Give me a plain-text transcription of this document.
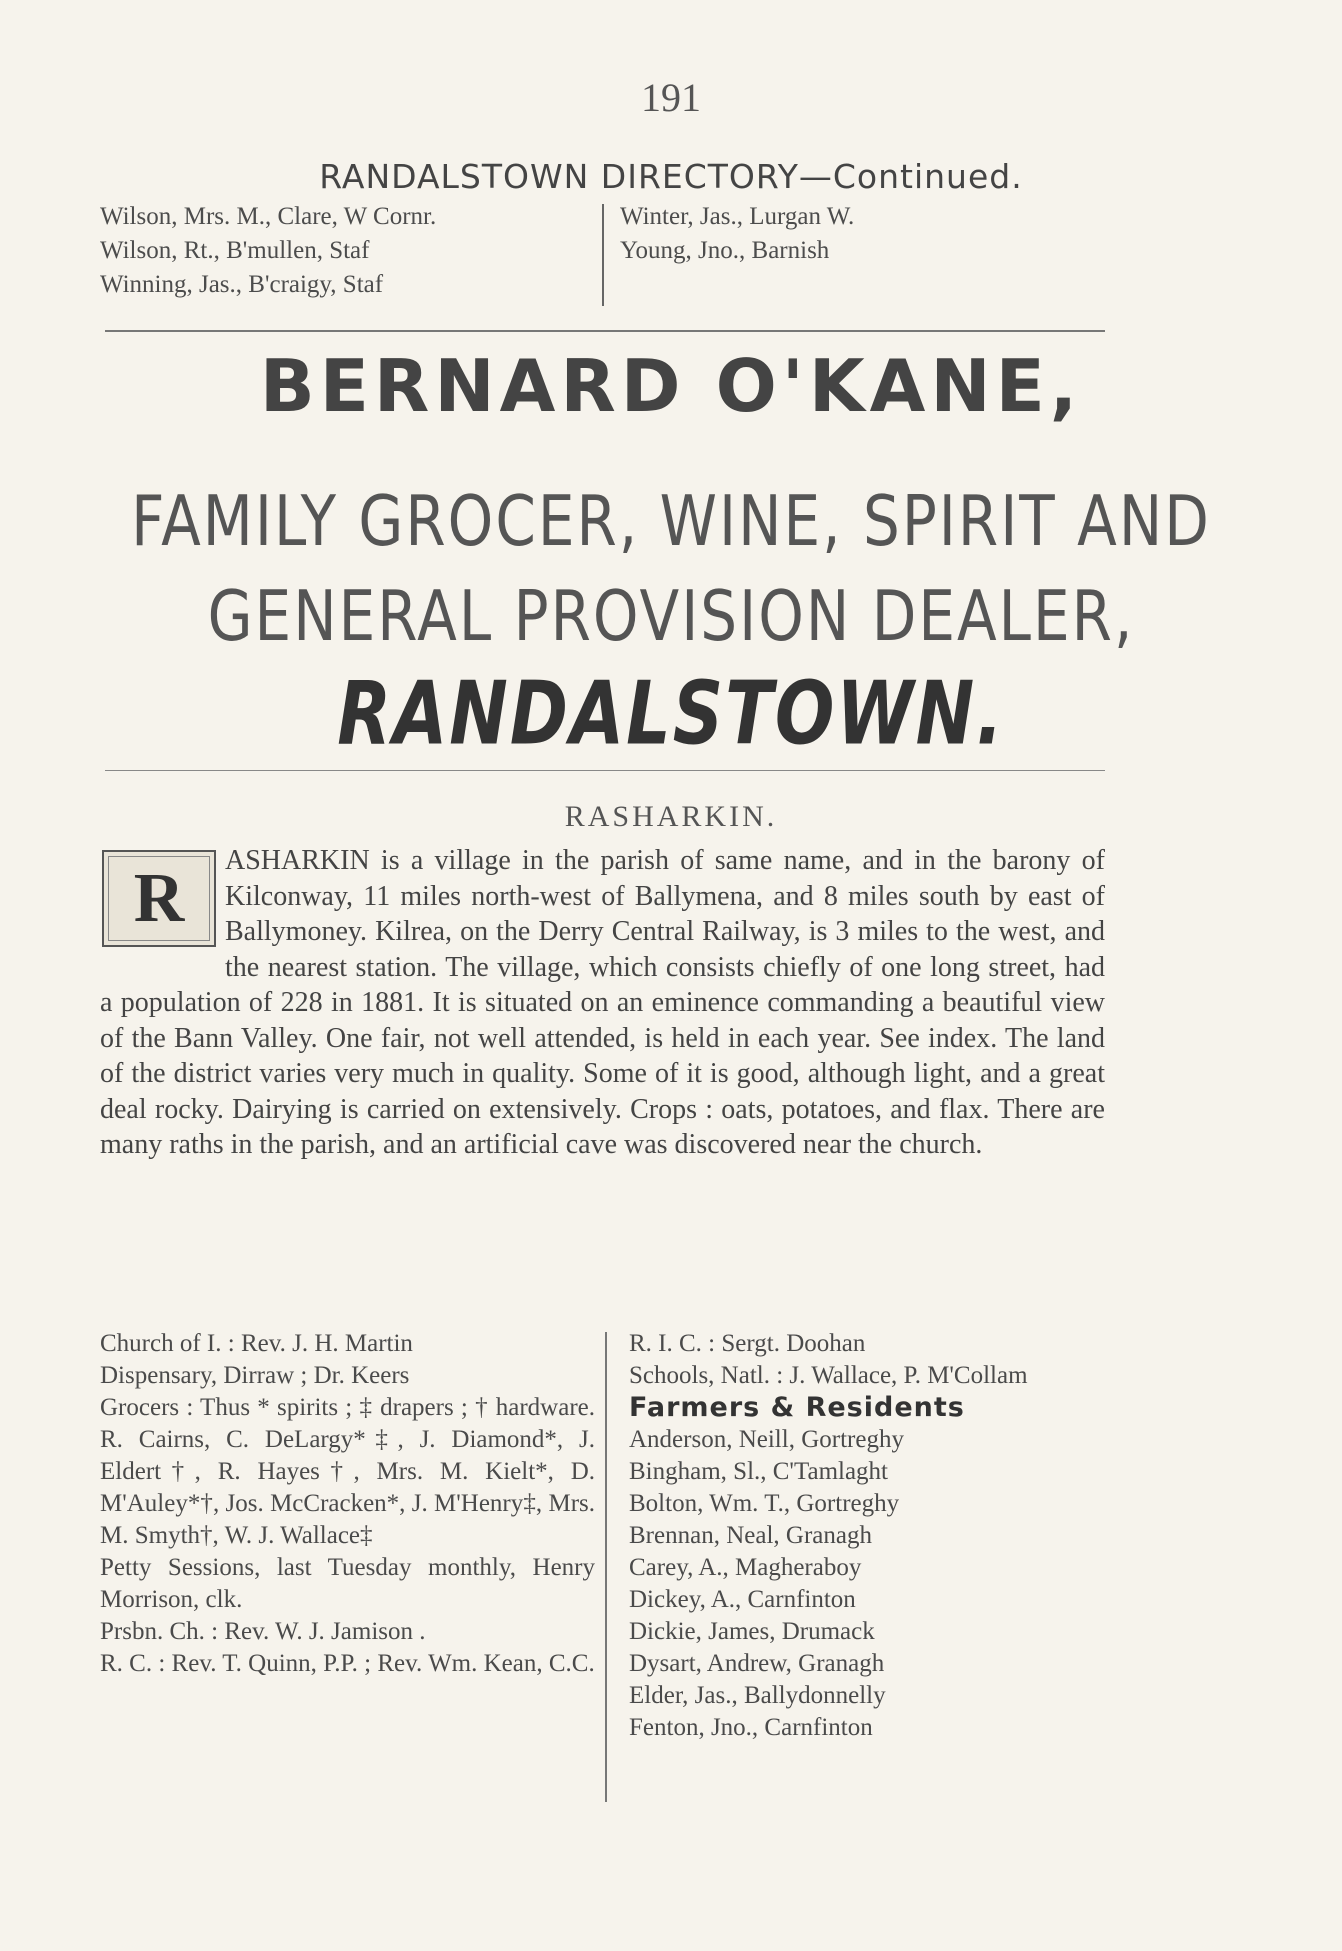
191
RANDALSTOWN DIRECTORY—Continued.
Wilson, Mrs. M., Clare, W Cornr.
Wilson, Rt., B'mullen, Staf
Winning, Jas., B'craigy, Staf
Winter, Jas., Lurgan W.
Young, Jno., Barnish
BERNARD O'KANE,
FAMILY GROCER, WINE, SPIRIT AND
GENERAL PROVISION DEALER,
RANDALSTOWN.
RASHARKIN.
R	ASHARKIN is a village in the parish of same name, and in the barony of Kilconway, 11 miles north-west of Ballymena, and 8 miles south by east of Ballymoney. Kilrea, on the Derry Central Railway, is 3 miles to the west, and the nearest station. The village, which consists chiefly of one long street, had a population of 228 in 1881. It is situated on an eminence commanding a beautiful view of the Bann Valley. One fair, not well attended, is held in each year. See index. The land of the district varies very much in quality. Some of it is good, although light, and a great deal rocky. Dairying is carried on extensively. Crops : oats, potatoes, and flax. There are many raths in the parish, and an artificial cave was discovered near the church.
Church of I. : Rev. J. H. Martin
Dispensary, Dirraw ; Dr. Keers
Grocers : Thus * spirits ; ‡ drapers ; † hardware. R. Cairns, C. DeLargy*‡, J. Diamond*, J. Eldert†, R. Hayes†, Mrs. M. Kielt*, D. M'Auley*†, Jos. McCracken*, J. M'Henry‡, Mrs. M. Smyth†, W. J. Wallace‡
Petty Sessions, last Tuesday monthly, Henry Morrison, clk.
Prsbn. Ch. : Rev. W. J. Jamison .
R. C. : Rev. T. Quinn, P.P. ; Rev. Wm. Kean, C.C.
R. I. C. : Sergt. Doohan
Schools, Natl. : J. Wallace, P. M'Collam
Farmers & Residents
Anderson, Neill, Gortreghy
Bingham, Sl., C'Tamlaght
Bolton, Wm. T., Gortreghy
Brennan, Neal, Granagh
Carey, A., Magheraboy
Dickey, A., Carnfinton
Dickie, James, Drumack
Dysart, Andrew, Granagh
Elder, Jas., Ballydonnelly
Fenton, Jno., Carnfinton
